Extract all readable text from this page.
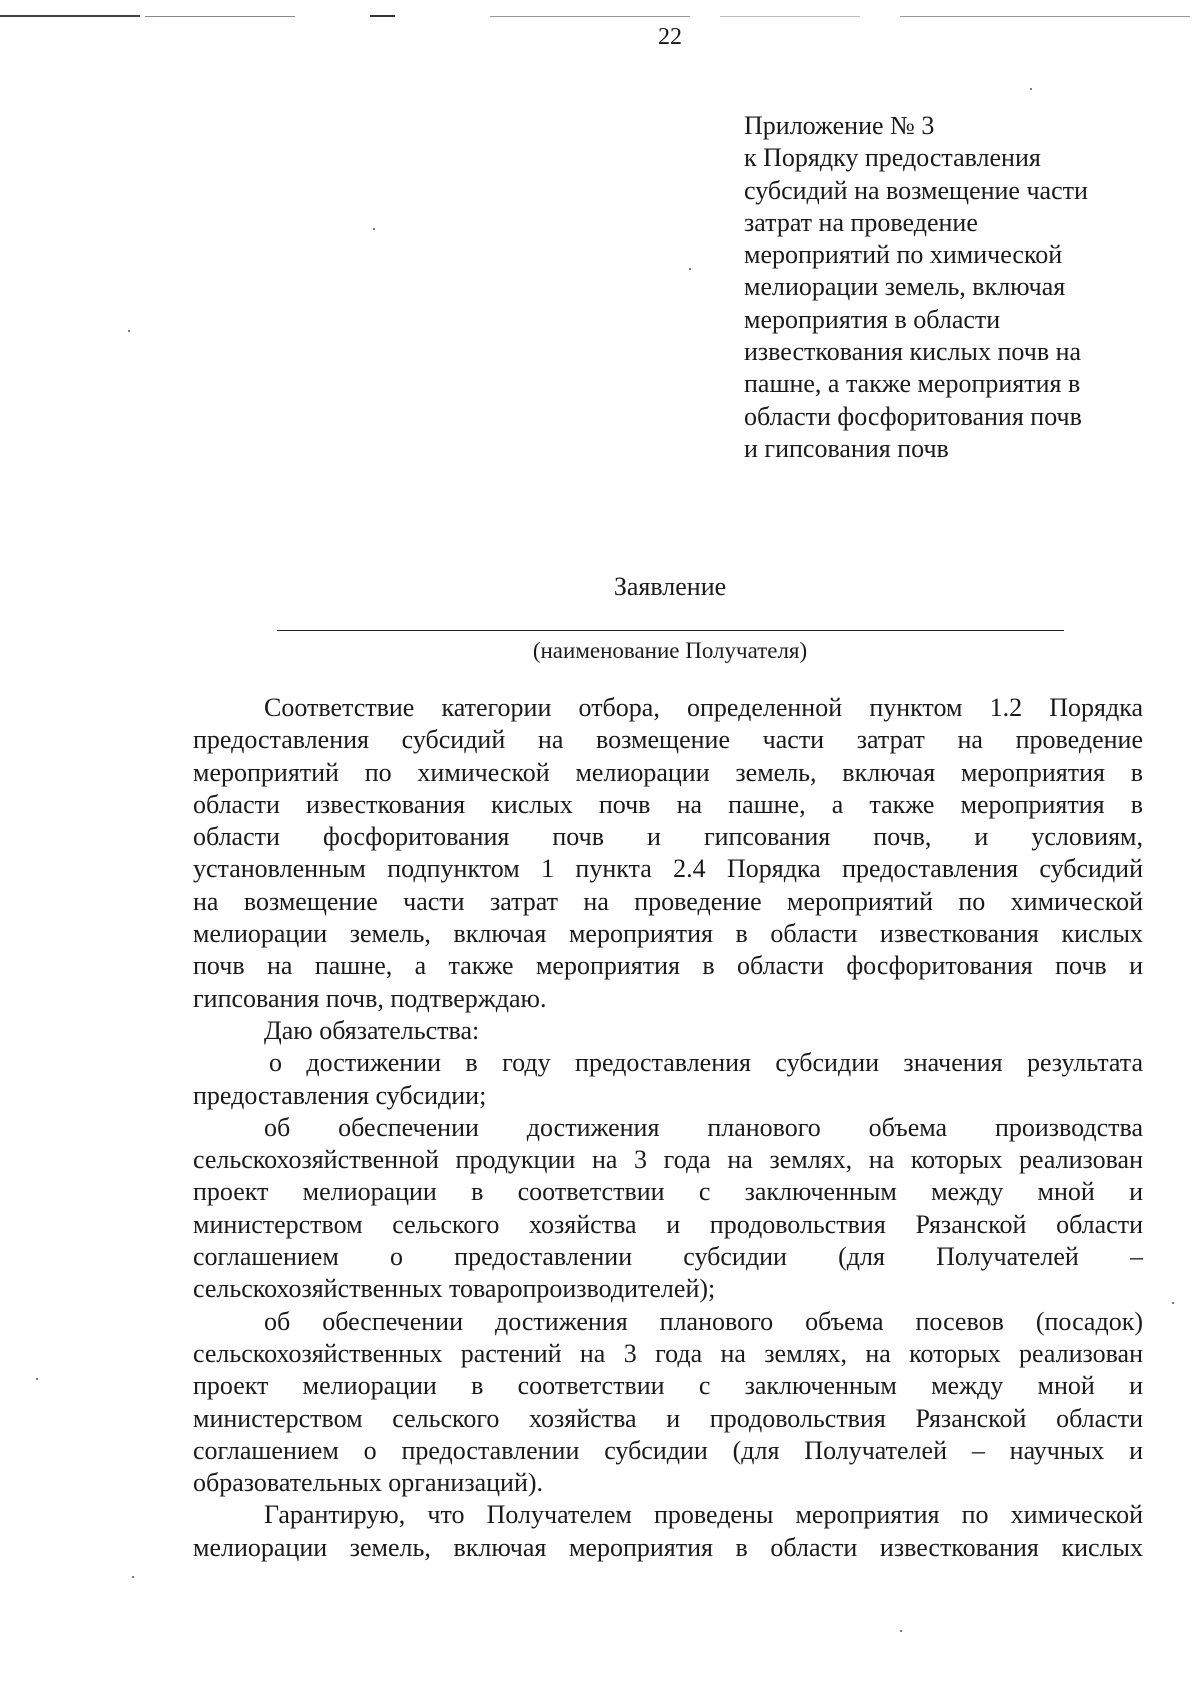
22
Приложение № 3
к Порядку предоставления
субсидий на возмещение части
затрат на проведение
мероприятий по химической
мелиорации земель, включая
мероприятия в области
известкования кислых почв на
пашне, а также мероприятия в
области фосфоритования почв
и гипсования почв
Заявление
(наименование Получателя)
Соответствие категории отбора, определенной пунктом 1.2 Порядка
предоставления субсидий на возмещение части затрат на проведение
мероприятий по химической мелиорации земель, включая мероприятия в
области известкования кислых почв на пашне, а также мероприятия в
области фосфоритования почв и гипсования почв, и условиям,
установленным подпунктом 1 пункта 2.4 Порядка предоставления субсидий
на возмещение части затрат на проведение мероприятий по химической
мелиорации земель, включая мероприятия в области известкования кислых
почв на пашне, а также мероприятия в области фосфоритования почв и
гипсования почв, подтверждаю.
Даю обязательства:
о достижении в году предоставления субсидии значения результата
предоставления субсидии;
об обеспечении достижения планового объема производства
сельскохозяйственной продукции на 3 года на землях, на которых реализован
проект мелиорации в соответствии с заключенным между мной и
министерством сельского хозяйства и продовольствия Рязанской области
соглашением о предоставлении субсидии (для Получателей –
сельскохозяйственных товаропроизводителей);
об обеспечении достижения планового объема посевов (посадок)
сельскохозяйственных растений на 3 года на землях, на которых реализован
проект мелиорации в соответствии с заключенным между мной и
министерством сельского хозяйства и продовольствия Рязанской области
соглашением о предоставлении субсидии (для Получателей – научных и
образовательных организаций).
Гарантирую, что Получателем проведены мероприятия по химической
мелиорации земель, включая мероприятия в области известкования кислых
